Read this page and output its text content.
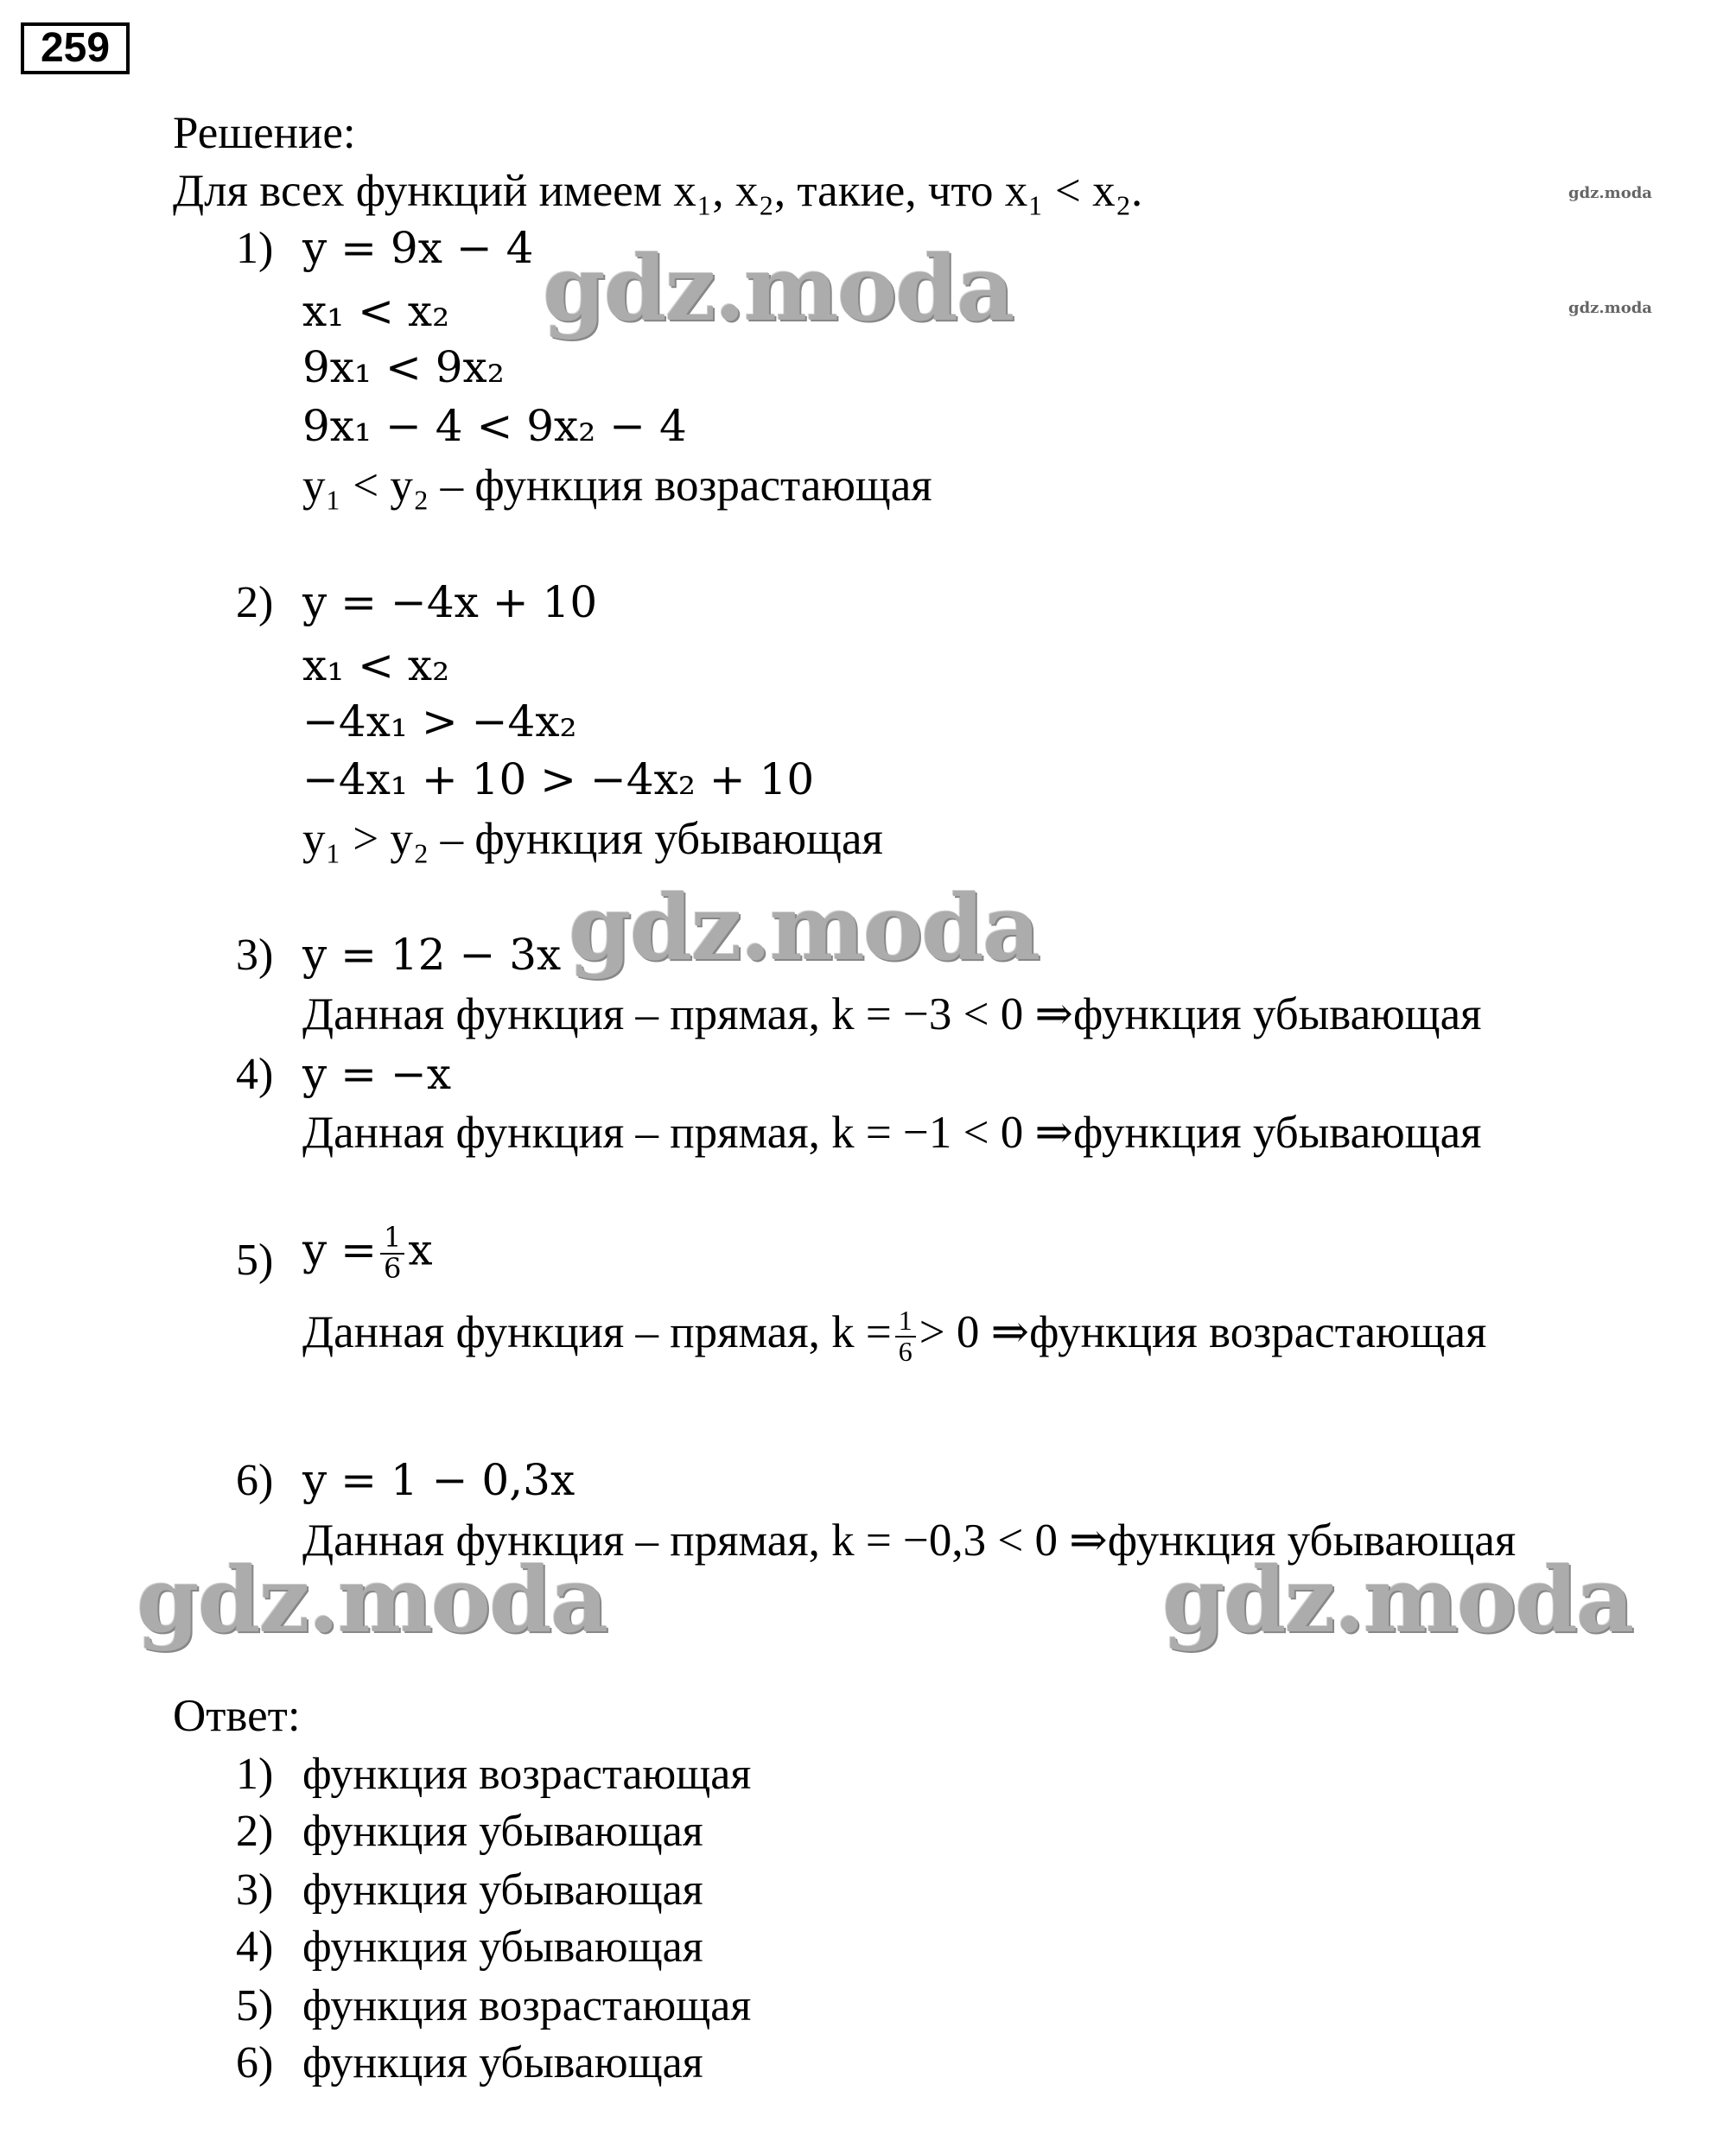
259
Решение:
Для всех функций имеем x₁, x₂, такие, что x₁ < x₂.
1) y = 9x − 4
x₁ < x₂
9x₁ < 9x₂
9x₁ − 4 < 9x₂ − 4
y₁ < y₂ – функция возрастающая
2) y = −4x + 10
x₁ < x₂
−4x₁ > −4x₂
−4x₁ + 10 > −4x₂ + 10
y₁ > y₂ – функция убывающая
3) y = 12 − 3x
Данная функция – прямая, k = −3 < 0 ⇒функция убывающая
4) y = −x
Данная функция – прямая, k = −1 < 0 ⇒функция убывающая
5) $y = \frac{1}{6}$ x
Данная функция – прямая, $k = \frac{1}{6} > 0$ ⇒функция возрастающая
6) y = 1 − 0,3x
Данная функция – прямая, k = −0,3 < 0 ⇒функция убывающая
Ответ:
1) функция возрастающая
2) функция убывающая
3) функция убывающая
4) функция убывающая
5) функция возрастающая
6) функция убывающая
gdz.moda
gdz.moda
gdz.moda
gdz.moda
gdz.moda	gdz.moda
